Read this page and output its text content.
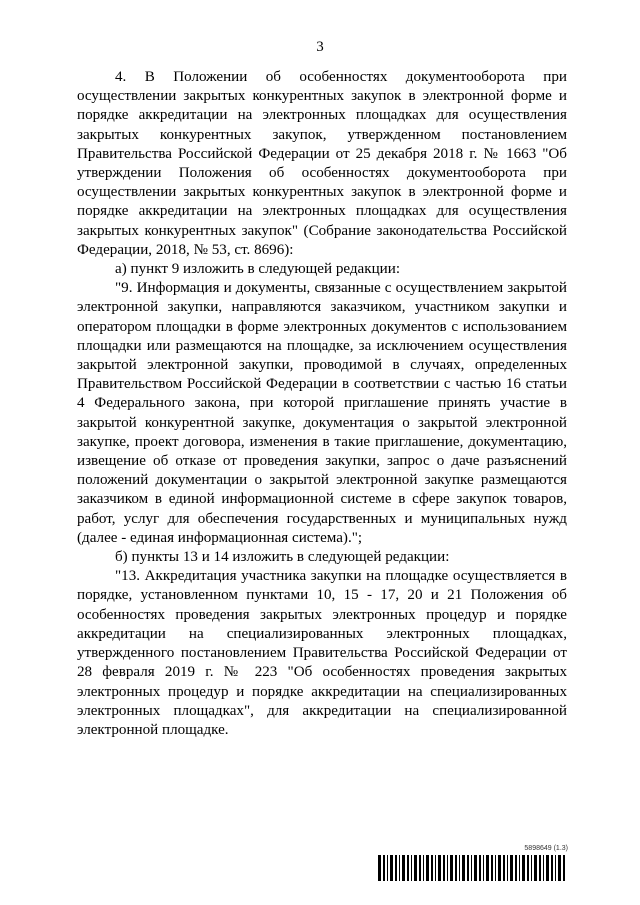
3

4. В Положении об особенностях документооборота при осуществлении закрытых конкурентных закупок в электронной форме и порядке аккредитации на электронных площадках для осуществления закрытых конкурентных закупок, утвержденном постановлением Правительства Российской Федерации от 25 декабря 2018 г. № 1663 "Об утверждении Положения об особенностях документооборота при осуществлении закрытых конкурентных закупок в электронной форме и порядке аккредитации на электронных площадках для осуществления закрытых конкурентных закупок" (Собрание законодательства Российской Федерации, 2018, № 53, ст. 8696):

а) пункт 9 изложить в следующей редакции:

"9. Информация и документы, связанные с осуществлением закрытой электронной закупки, направляются заказчиком, участником закупки и оператором площадки в форме электронных документов с использованием площадки или размещаются на площадке, за исключением осуществления закрытой электронной закупки, проводимой в случаях, определенных Правительством Российской Федерации в соответствии с частью 16 статьи 4 Федерального закона, при которой приглашение принять участие в закрытой конкурентной закупке, документация о закрытой электронной закупке, проект договора, изменения в такие приглашение, документацию, извещение об отказе от проведения закупки, запрос о даче разъяснений положений документации о закрытой электронной закупке размещаются заказчиком в единой информационной системе в сфере закупок товаров, работ, услуг для обеспечения государственных и муниципальных нужд (далее - единая информационная система).";

б) пункты 13 и 14 изложить в следующей редакции:

"13. Аккредитация участника закупки на площадке осуществляется в порядке, установленном пунктами 10, 15 - 17, 20 и 21 Положения об особенностях проведения закрытых электронных процедур и порядке аккредитации на специализированных электронных площадках, утвержденного постановлением Правительства Российской Федерации от 28 февраля 2019 г. № 223 "Об особенностях проведения закрытых электронных процедур и порядке аккредитации на специализированных электронных площадках", для аккредитации на специализированной электронной площадке.

5898649 (1.3)
